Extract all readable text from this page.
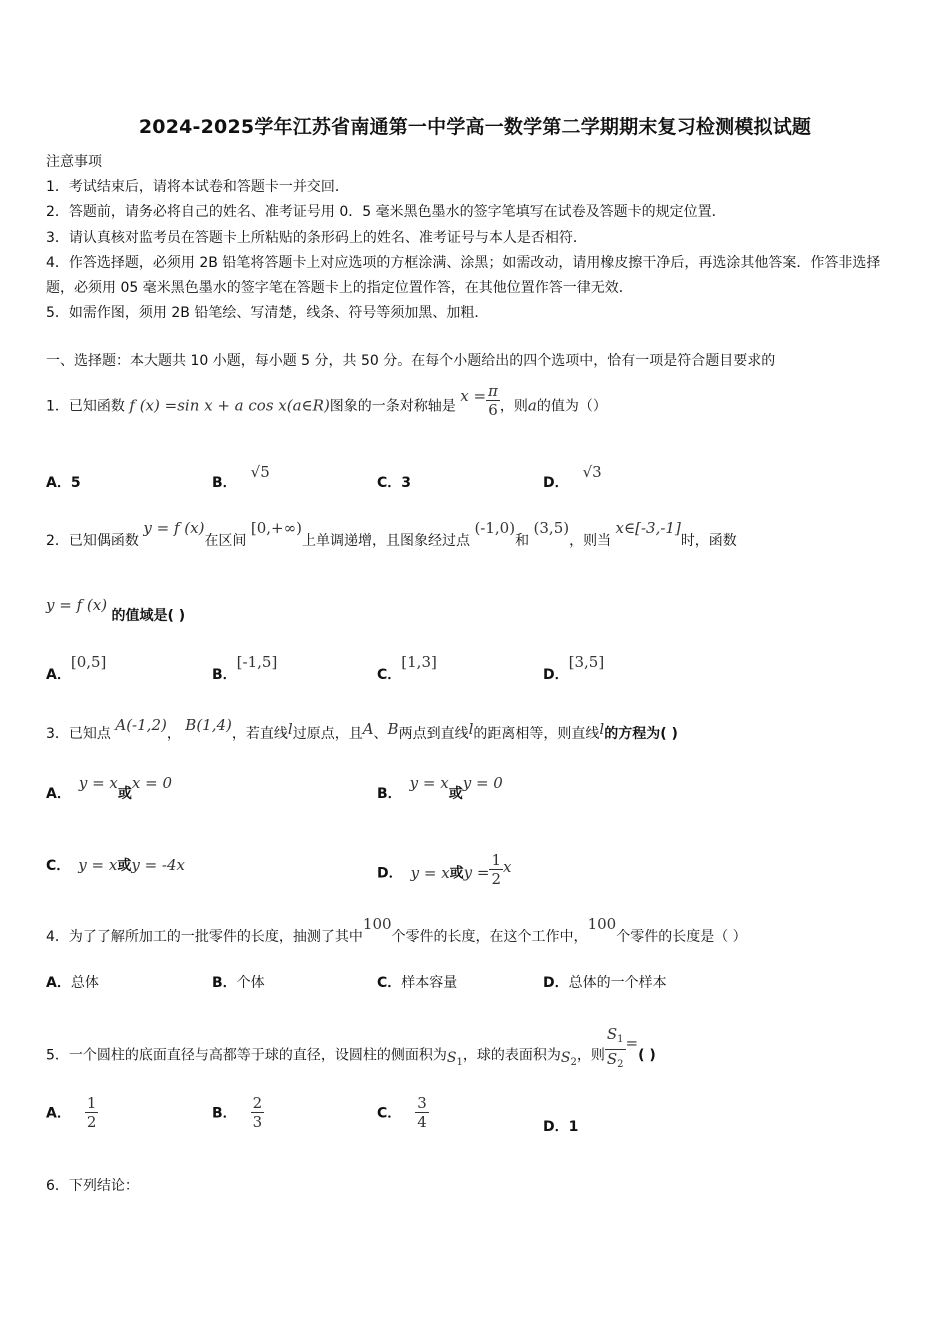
2024-2025学年江苏省南通第一中学高一数学第二学期期末复习检测模拟试题
注意事项
1．考试结束后，请将本试卷和答题卡一并交回．
2．答题前，请务必将自己的姓名、准考证号用 0．5 毫米黑色墨水的签字笔填写在试卷及答题卡的规定位置．
3．请认真核对监考员在答题卡上所粘贴的条形码上的姓名、准考证号与本人是否相符．
4．作答选择题，必须用 2B 铅笔将答题卡上对应选项的方框涂满、涂黑；如需改动，请用橡皮擦干净后，再选涂其他答案．作答非选择题，必须用 05 毫米黑色墨水的签字笔在答题卡上的指定位置作答，在其他位置作答一律无效．
5．如需作图，须用 2B 铅笔绘、写清楚，线条、符号等须加黑、加粗．
一、选择题：本大题共 10 小题，每小题 5 分，共 50 分。在每个小题给出的四个选项中，恰有一项是符合题目要求的
1．已知函数 f (x) =sin x + a cos x(a∈R)图象的一条对称轴是 $x = \frac{\pi}{6}$ ，则a的值为（）
A．5	B．√5
C．3	D．√3
2．已知偶函数 y = f (x)在区间 [0,+∞)上单调递增，且图象经过点 (-1,0)和 (3,5)，则当 x∈[-3,-1]时，函数
y = f (x) 的值域是( )
A．[0,5]
B．[-1,5]
C．[1,3]
D．[3,5]
3．已知点 A(-1,2)， B(1,4)，若直线l过原点，且A、B两点到直线l的距离相等，则直线l的方程为( )
A．y = x或x = 0
B．y = x或y = 0
C． y = x或y = -4x	D． y = x或$y = \frac{1}{2}$ x
4．为了了解所加工的一批零件的长度，抽测了其中100个零件的长度，在这个工作中，100个零件的长度是（ ）
A．总体	B．个体	C．样本容量	D．总体的一个样本
5．一个圆柱的底面直径与高都等于球的直径，设圆柱的侧面积为$S_1$，球的表面积为$S_2$，则 $\frac{S_1}{S_2}$ =( )
A． $\frac{1}{2}$	B． $\frac{2}{3}$	C． $\frac{3}{4}$	D．1
6．下列结论：
